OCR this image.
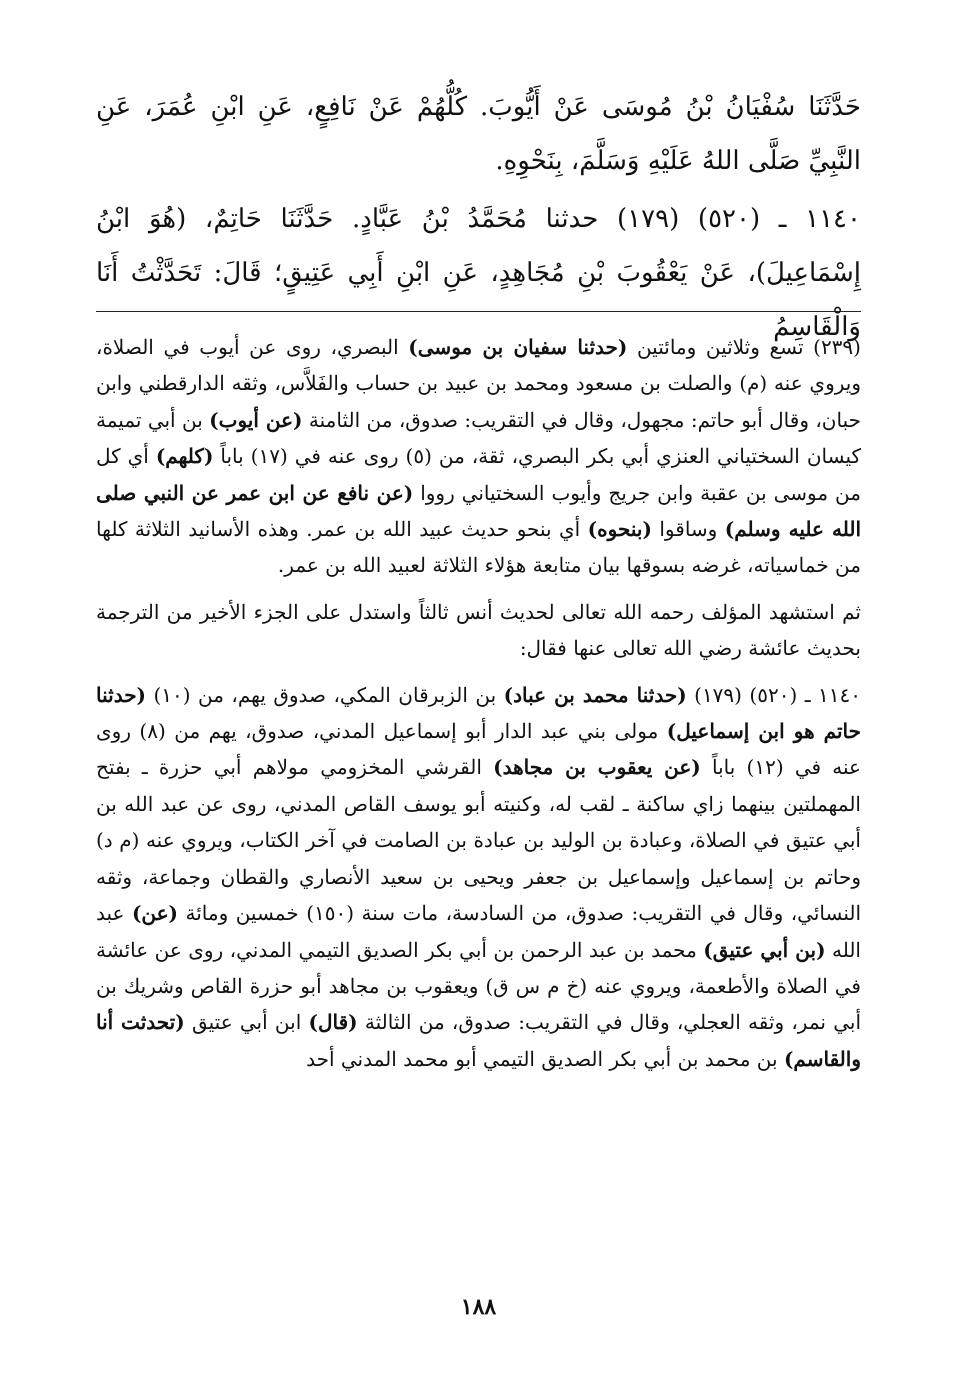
حَدَّثَنَا سُفْيَانُ بْنُ مُوسَى عَنْ أَيُّوبَ. كُلُّهُمْ عَنْ نَافِعٍ، عَنِ ابْنِ عُمَرَ، عَنِ النَّبِيِّ صَلَّى اللهُ عَلَيْهِ وَسَلَّمَ، بِنَحْوِهِ.

١١٤٠ ـ (٥٢٠) (١٧٩) حدثنا مُحَمَّدُ بْنُ عَبَّادٍ. حَدَّثَنَا حَاتِمٌ، (هُوَ ابْنُ إِسْمَاعِيلَ)، عَنْ يَعْقُوبَ بْنِ مُجَاهِدٍ، عَنِ ابْنِ أَبِي عَتِيقٍ؛ قَالَ: تَحَدَّثْتُ أَنَا وَالْقَاسِمُ

(٢٣٩) تسع وثلاثين ومائتين (حدثنا سفيان بن موسى) البصري، روى عن أيوب في الصلاة، ويروي عنه (م) والصلت بن مسعود ومحمد بن عبيد بن حساب والفَلاَّس، وثقه الدارقطني وابن حبان، وقال أبو حاتم: مجهول، وقال في التقريب: صدوق، من الثامنة (عن أيوب) بن أبي تميمة كيسان السختياني العنزي أبي بكر البصري، ثقة، من (٥) روى عنه في (١٧) باباً (كلهم) أي كل من موسى بن عقبة وابن جريج وأيوب السختياني رووا (عن نافع عن ابن عمر عن النبي صلى الله عليه وسلم) وساقوا (بنحوه) أي بنحو حديث عبيد الله بن عمر. وهذه الأسانيد الثلاثة كلها من خماسياته، غرضه بسوقها بيان متابعة هؤلاء الثلاثة لعبيد الله بن عمر.

ثم استشهد المؤلف رحمه الله تعالى لحديث أنس ثالثاً واستدل على الجزء الأخير من الترجمة بحديث عائشة رضي الله تعالى عنها فقال:

١١٤٠ ـ (٥٢٠) (١٧٩) (حدثنا محمد بن عباد) بن الزبرقان المكي، صدوق يهم، من (١٠) (حدثنا حاتم هو ابن إسماعيل) مولى بني عبد الدار أبو إسماعيل المدني، صدوق، يهم من (٨) روى عنه في (١٢) باباً (عن يعقوب بن مجاهد) القرشي المخزومي مولاهم أبي حزرة ـ بفتح المهملتين بينهما زاي ساكنة ـ لقب له، وكنيته أبو يوسف القاص المدني، روى عن عبد الله بن أبي عتيق في الصلاة، وعبادة بن الوليد بن عبادة بن الصامت في آخر الكتاب، ويروي عنه (م د) وحاتم بن إسماعيل وإسماعيل بن جعفر ويحيى بن سعيد الأنصاري والقطان وجماعة، وثقه النسائي، وقال في التقريب: صدوق، من السادسة، مات سنة (١٥٠) خمسين ومائة (عن) عبد الله (بن أبي عتيق) محمد بن عبد الرحمن بن أبي بكر الصديق التيمي المدني، روى عن عائشة في الصلاة والأطعمة، ويروي عنه (خ م س ق) ويعقوب بن مجاهد أبو حزرة القاص وشريك بن أبي نمر، وثقه العجلي، وقال في التقريب: صدوق، من الثالثة (قال) ابن أبي عتيق (تحدثت أنا والقاسم) بن محمد بن أبي بكر الصديق التيمي أبو محمد المدني أحد

١٨٨
